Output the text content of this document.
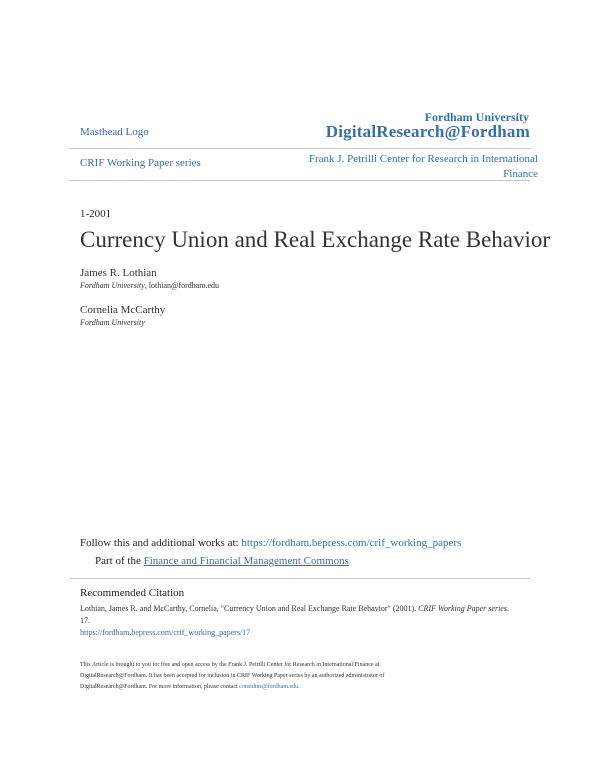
Masthead Logo
Fordham University
DigitalResearch@Fordham
CRIF Working Paper series	Frank J. Petrilli Center for Research in International Finance
1-2001
Currency Union and Real Exchange Rate Behavior
James R. Lothian
Fordham University, lothian@fordham.edu
Cornelia McCarthy
Fordham University
Follow this and additional works at: https://fordham.bepress.com/crif_working_papers
Part of the Finance and Financial Management Commons
Recommended Citation
Lothian, James R. and McCarthy, Cornelia, "Currency Union and Real Exchange Rate Behavior" (2001). CRIF Working Paper series. 17.
https://fordham.bepress.com/crif_working_papers/17
This Article is brought to you for free and open access by the Frank J. Petrilli Center for Research in International Finance at
DigitalResearch@Fordham. It has been accepted for inclusion in CRIF Working Paper series by an authorized administrator of
DigitalResearch@Fordham. For more information, please contact considine@fordham.edu.
